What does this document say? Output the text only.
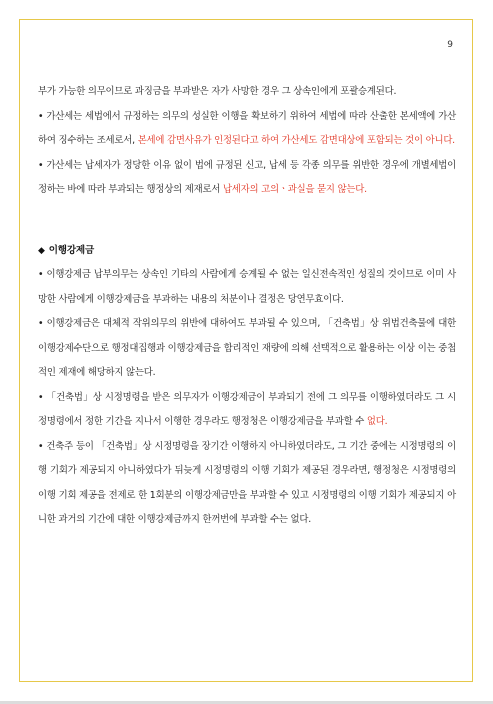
9

부가 가능한 의무이므로 과징금을 부과받은 자가 사망한 경우 그 상속인에게 포괄승계된다.

• 가산세는 세법에서 규정하는 의무의 성실한 이행을 확보하기 위하여 세법에 따라 산출한 본세액에 가산하여 징수하는 조세로서, 본세에 감면사유가 인정된다고 하여 가산세도 감면대상에 포함되는 것이 아니다.

• 가산세는 납세자가 정당한 이유 없이 법에 규정된 신고, 납세 등 각종 의무를 위반한 경우에 개별세법이 정하는 바에 따라 부과되는 행정상의 제재로서 납세자의 고의ㆍ과실을 묻지 않는다.

◆ 이행강제금

• 이행강제금 납부의무는 상속인 기타의 사람에게 승계될 수 없는 일신전속적인 성질의 것이므로 이미 사망한 사람에게 이행강제금을 부과하는 내용의 처분이나 결정은 당연무효이다.

• 이행강제금은 대체적 작위의무의 위반에 대하여도 부과될 수 있으며, 「건축법」상 위법건축물에 대한 이행강제수단으로 행정대집행과 이행강제금을 합리적인 재량에 의해 선택적으로 활용하는 이상 이는 중첩적인 제재에 해당하지 않는다.

• 「건축법」상 시정명령을 받은 의무자가 이행강제금이 부과되기 전에 그 의무를 이행하였더라도 그 시정명령에서 정한 기간을 지나서 이행한 경우라도 행정청은 이행강제금을 부과할 수 없다.

• 건축주 등이 「건축법」상 시정명령을 장기간 이행하지 아니하였더라도, 그 기간 중에는 시정명령의 이행 기회가 제공되지 아니하였다가 뒤늦게 시정명령의 이행 기회가 제공된 경우라면, 행정청은 시정명령의 이행 기회 제공을 전제로 한 1회분의 이행강제금만을 부과할 수 있고 시정명령의 이행 기회가 제공되지 아니한 과거의 기간에 대한 이행강제금까지 한꺼번에 부과할 수는 없다.
